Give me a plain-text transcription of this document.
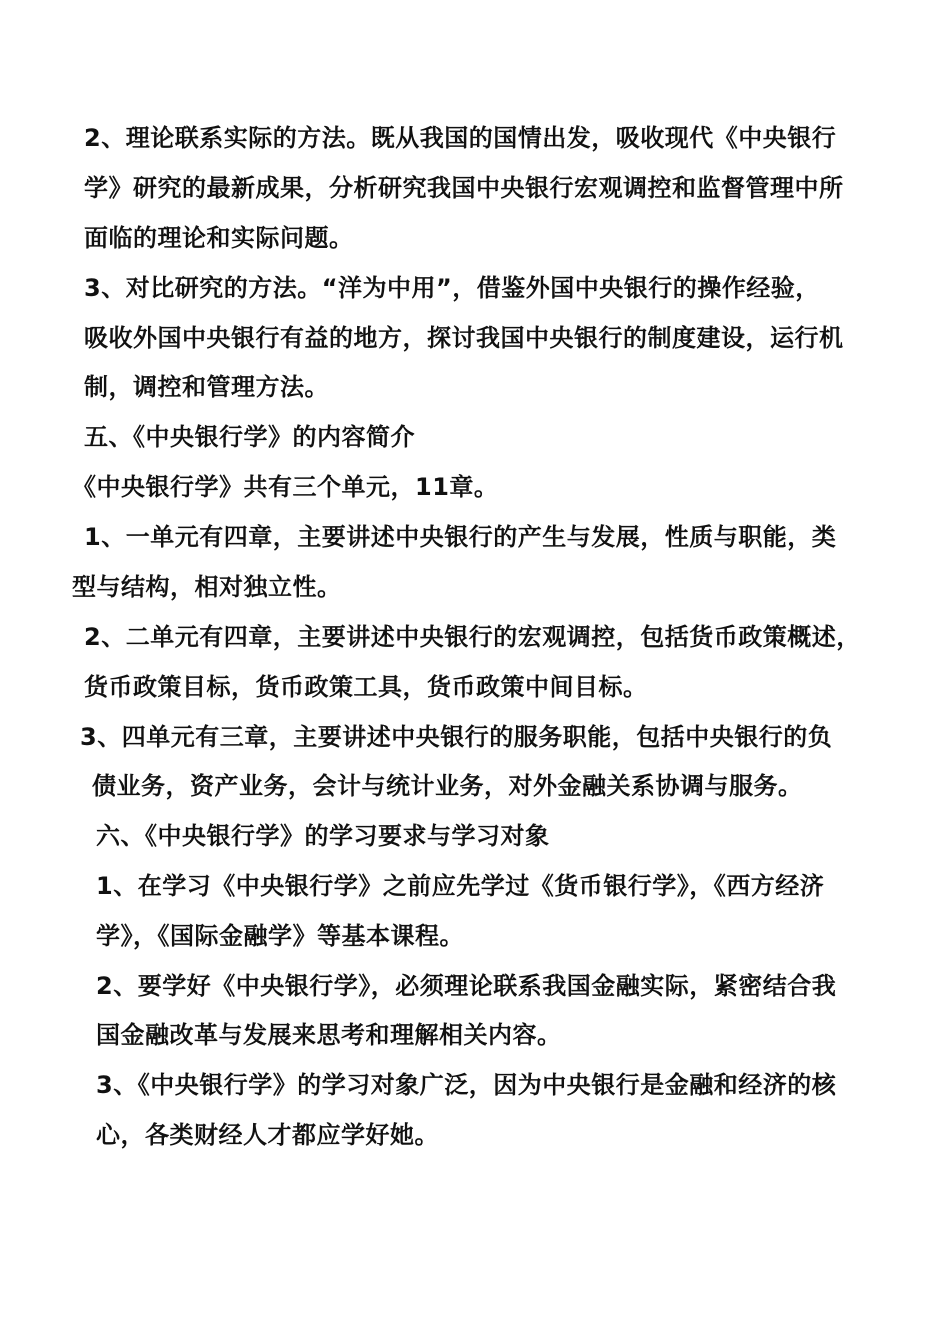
2、理论联系实际的方法。既从我国的国情出发，吸收现代《中央银行
学》研究的最新成果，分析研究我国中央银行宏观调控和监督管理中所
面临的理论和实际问题。
3、对比研究的方法。“洋为中用”，借鉴外国中央银行的操作经验，
吸收外国中央银行有益的地方，探讨我国中央银行的制度建设，运行机
制，调控和管理方法。
五、《中央银行学》的内容简介
《中央银行学》共有三个单元，11章。
1、一单元有四章，主要讲述中央银行的产生与发展，性质与职能，类
型与结构，相对独立性。
2、二单元有四章，主要讲述中央银行的宏观调控，包括货币政策概述，
货币政策目标，货币政策工具，货币政策中间目标。
3、四单元有三章，主要讲述中央银行的服务职能，包括中央银行的负
债业务，资产业务，会计与统计业务，对外金融关系协调与服务。
六、《中央银行学》的学习要求与学习对象
1、在学习《中央银行学》之前应先学过《货币银行学》，《西方经济
学》，《国际金融学》等基本课程。
2、要学好《中央银行学》，必须理论联系我国金融实际，紧密结合我
国金融改革与发展来思考和理解相关内容。
3、《中央银行学》的学习对象广泛，因为中央银行是金融和经济的核
心，各类财经人才都应学好她。
